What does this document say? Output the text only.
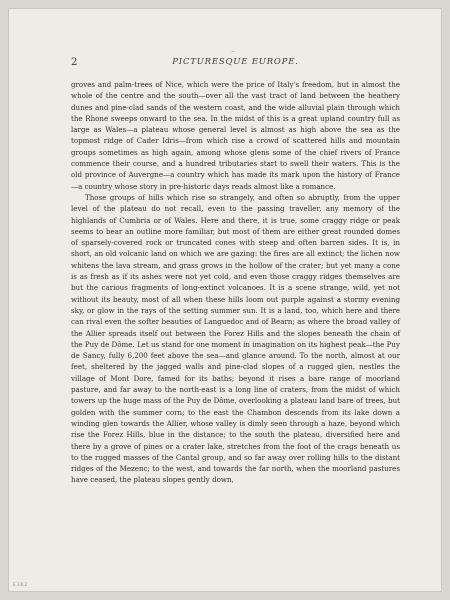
~
2	PICTURESQUE EUROPE.

groves and palm-trees of Nice, which were the price of Italy's freedom, but in almost the whole of the centre and the south—over all the vast tract of land between the heathery dunes and pine-clad sands of the western coast, and the wide alluvial plain through which the Rhone sweeps onward to the sea. In the midst of this is a great upland country full as large as Wales—a plateau whose general level is almost as high above the sea as the topmost ridge of Cader Idris—from which rise a crowd of scattered hills and mountain groups sometimes as high again, among whose glens some of the chief rivers of France commence their course, and a hundred tributaries start to swell their waters. This is the old province of Auvergne—a country which has made its mark upon the history of France—a country whose story in pre-historic days reads almost like a romance.

Those groups of hills which rise so strangely, and often so abruptly, from the upper level of the plateau do not recall, even to the passing traveller, any memory of the highlands of Cumbria or of Wales. Here and there, it is true, some craggy ridge or peak seems to bear an outline more familiar, but most of them are either great rounded domes of sparsely-covered rock or truncated cones with steep and often barren sides. It is, in short, an old volcanic land on which we are gazing: the fires are all extinct; the lichen now whitens the lava stream, and grass grows in the hollow of the crater; but yet many a cone is as fresh as if its ashes were not yet cold, and even those craggy ridges themselves are but the carious fragments of long-extinct volcanoes. It is a scene strange, wild, yet not without its beauty, most of all when these hills loom out purple against a stormy evening sky, or glow in the rays of the setting summer sun. It is a land, too, which here and there can rival even the softer beauties of Languedoc and of Bearn; as where the broad valley of the Allier spreads itself out between the Forez Hills and the slopes beneath the chain of the Puy de Dôme. Let us stand for one moment in imagination on its highest peak—the Puy de Sancy, fully 6,200 feet above the sea—and glance around. To the north, almost at our feet, sheltered by the jagged walls and pine-clad slopes of a rugged glen, nestles the village of Mont Dore, famed for its baths; beyond it rises a bare range of moorland pasture, and far away to the north-east is a long line of craters, from the midst of which towers up the huge mass of the Puy de Dôme, overlooking a plateau land bare of trees, but golden with the summer corn; to the east the Chambon descends from its lake down a winding glen towards the Allier, whose valley is dimly seen through a haze, beyond which rise the Forez Hills, blue in the distance; to the south the plateau, diversified here and there by a grove of pines or a crater lake, stretches from the foot of the crags beneath us to the rugged masses of the Cantal group, and so far away over rolling hills to the distant ridges of the Mezenc; to the west, and towards the far north, when the moorland pastures have ceased, the plateau slopes gently down,

E.3.6.2
